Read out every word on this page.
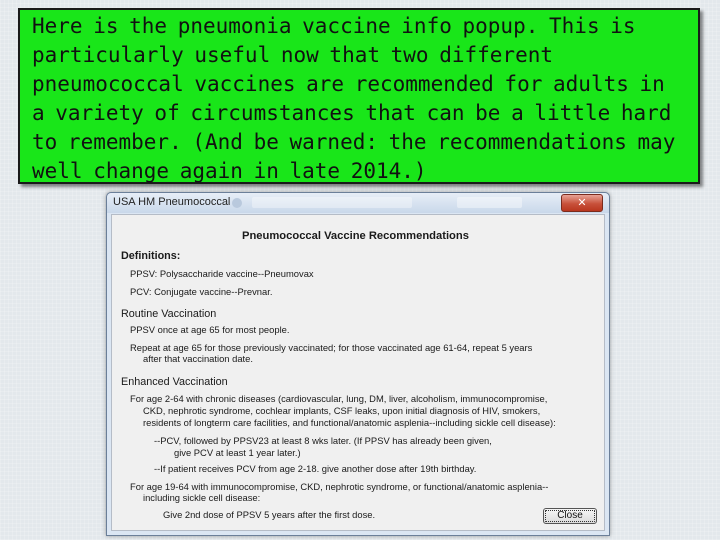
Here is the pneumonia vaccine info popup. This is particularly useful now that two different pneumococcal vaccines are recommended for adults in a variety of circumstances that can be a little hard to remember. (And be warned: the recommendations may well change again in late 2014.)
USA HM Pneumococcal	✕
Pneumococcal Vaccine Recommendations
Definitions:
PPSV: Polysaccharide vaccine--Pneumovax
PCV: Conjugate vaccine--Prevnar.
Routine Vaccination
PPSV once at age 65 for most people.
Repeat at age 65 for those previously vaccinated; for those vaccinated age 61-64, repeat 5 years
after that vaccination date.
Enhanced Vaccination
For age 2-64 with chronic diseases (cardiovascular, lung, DM, liver, alcoholism, immunocompromise,
CKD, nephrotic syndrome, cochlear implants, CSF leaks, upon initial diagnosis of HIV, smokers,
residents of longterm care facilities, and functional/anatomic asplenia--including sickle cell disease):
--PCV, followed by PPSV23 at least 8 wks later. (If PPSV has already been given,
give PCV at least 1 year later.)
--If patient receives PCV from age 2-18. give another dose after 19th birthday.
For age 19-64 with immunocompromise, CKD, nephrotic syndrome, or functional/anatomic asplenia--
including sickle cell disease:
Give 2nd dose of PPSV 5 years after the first dose.	Close
